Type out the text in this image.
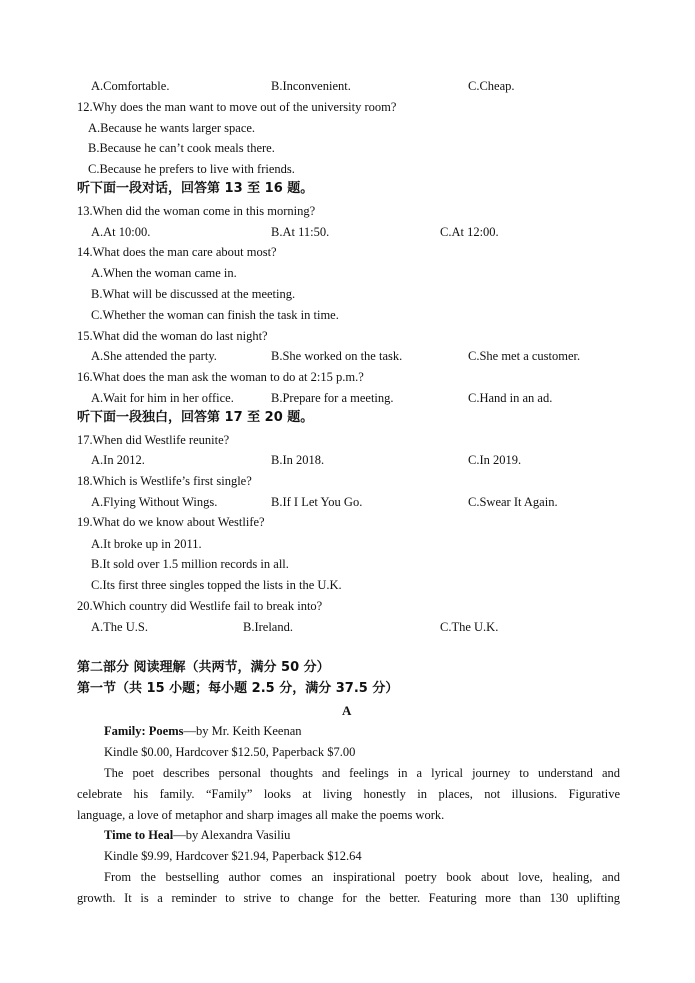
A.Comfortable.	B.Inconvenient.	C.Cheap.
12.Why does the man want to move out of the university room?
A.Because he wants larger space.
B.Because he can’t cook meals there.
C.Because he prefers to live with friends.
听下面一段对话，回答第 13 至 16 题。
13.When did the woman come in this morning?
A.At 10:00.	B.At 11:50.	C.At 12:00.
14.What does the man care about most?
A.When the woman came in.
B.What will be discussed at the meeting.
C.Whether the woman can finish the task in time.
15.What did the woman do last night?
A.She attended the party.	B.She worked on the task.	C.She met a customer.
16.What does the man ask the woman to do at 2:15 p.m.?
A.Wait for him in her office.	B.Prepare for a meeting.	C.Hand in an ad.
听下面一段独白，回答第 17 至 20 题。
17.When did Westlife reunite?
A.In 2012.	B.In 2018.	C.In 2019.
18.Which is Westlife’s first single?
A.Flying Without Wings.	B.If I Let You Go.	C.Swear It Again.
19.What do we know about Westlife?
A.It broke up in 2011.
B.It sold over 1.5 million records in all.
C.Its first three singles topped the lists in the U.K.
20.Which country did Westlife fail to break into?
A.The U.S.	B.Ireland.	C.The U.K.
第二部分 阅读理解（共两节，满分 50 分）
第一节（共 15 小题；每小题 2.5 分，满分 37.5 分）
A
Family: Poems—by Mr. Keith Keenan
Kindle $0.00, Hardcover $12.50, Paperback $7.00
The poet describes personal thoughts and feelings in a lyrical journey to understand and
celebrate his family. “Family” looks at living honestly in places, not illusions. Figurative
language, a love of metaphor and sharp images all make the poems work.
Time to Heal—by Alexandra Vasiliu
Kindle $9.99, Hardcover $21.94, Paperback $12.64
From the bestselling author comes an inspirational poetry book about love, healing, and
growth. It is a reminder to strive to change for the better. Featuring more than 130 uplifting
